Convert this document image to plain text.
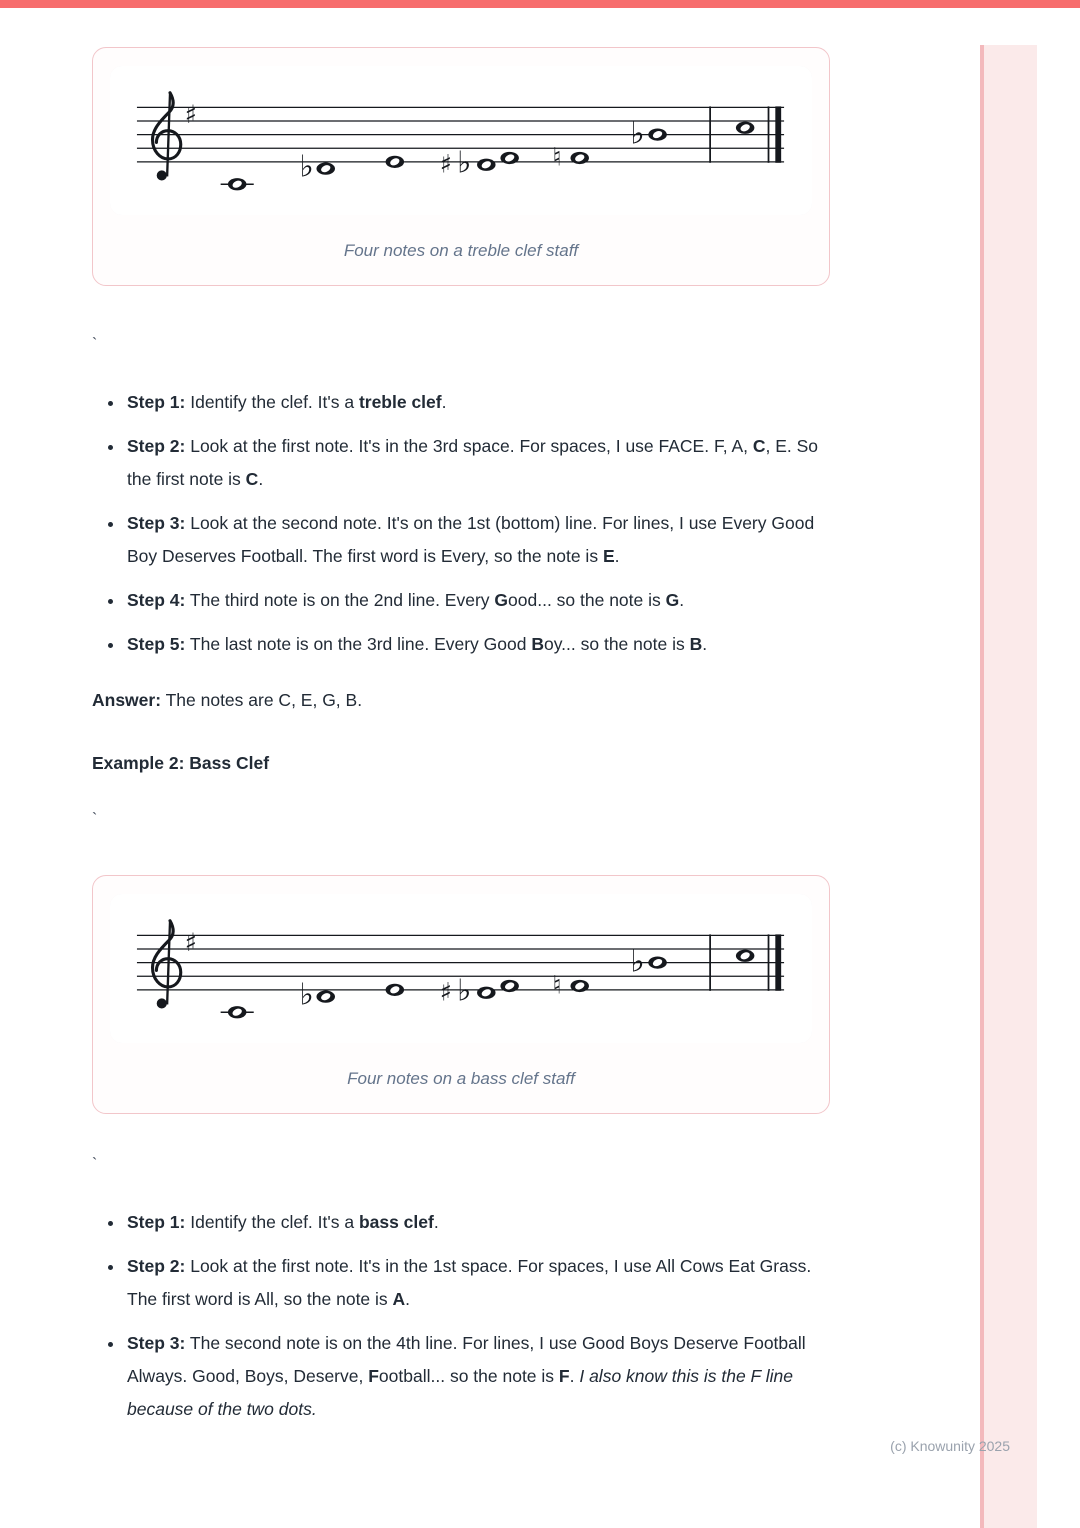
♯
♭	♯ ♭	♮
♭
Four notes on a treble clef staff
`
• Step 1: Identify the clef. It's a treble clef.
• Step 2: Look at the first note. It's in the 3rd space. For spaces, I use FACE. F, A, C, E. So the first note is C.
• Step 3: Look at the second note. It's on the 1st (bottom) line. For lines, I use Every Good Boy Deserves Football. The first word is Every, so the note is E.
• Step 4: The third note is on the 2nd line. Every Good... so the note is G.
• Step 5: The last note is on the 3rd line. Every Good Boy... so the note is B.

Answer: The notes are C, E, G, B.

Example 2: Bass Clef

`
♯
♭	♯ ♭	♮
♭
Four notes on a bass clef staff
`
• Step 1: Identify the clef. It's a bass clef.
• Step 2: Look at the first note. It's in the 1st space. For spaces, I use All Cows Eat Grass. The first word is All, so the note is A.
• Step 3: The second note is on the 4th line. For lines, I use Good Boys Deserve Football Always. Good, Boys, Deserve, Football... so the note is F. I also know this is the F line because of the two dots.
(c) Knowunity 2025
